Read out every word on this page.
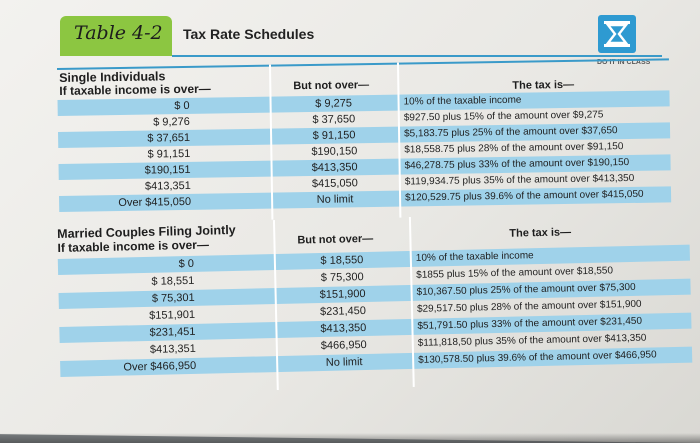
Table 4-2 Tax Rate Schedules
DO IT IN CLASS
Single Individuals
If taxable income is over—	But not over—	The tax is—
$ 0	$ 9,275	10% of the taxable income
$ 9,276	$ 37,650	$927.50 plus 15% of the amount over $9,275
$ 37,651	$ 91,150	$5,183.75 plus 25% of the amount over $37,650
$ 91,151	$190,150	$18,558.75 plus 28% of the amount over $91,150
$190,151	$413,350	$46,278.75 plus 33% of the amount over $190,150
$413,351	$415,050	$119,934.75 plus 35% of the amount over $413,350
Over $415,050	No limit	$120,529.75 plus 39.6% of the amount over $415,050
Married Couples Filing Jointly
If taxable income is over—	But not over—	The tax is—
$ 0	$ 18,550	10% of the taxable income
$ 18,551	$ 75,300	$1855 plus 15% of the amount over $18,550
$ 75,301	$151,900	$10,367.50 plus 25% of the amount over $75,300
$151,901	$231,450	$29,517.50 plus 28% of the amount over $151,900
$231,451	$413,350	$51,791.50 plus 33% of the amount over $231,450
$413,351	$466,950	$111,818,50 plus 35% of the amount over $413,350
Over $466,950	No limit	$130,578.50 plus 39.6% of the amount over $466,950
